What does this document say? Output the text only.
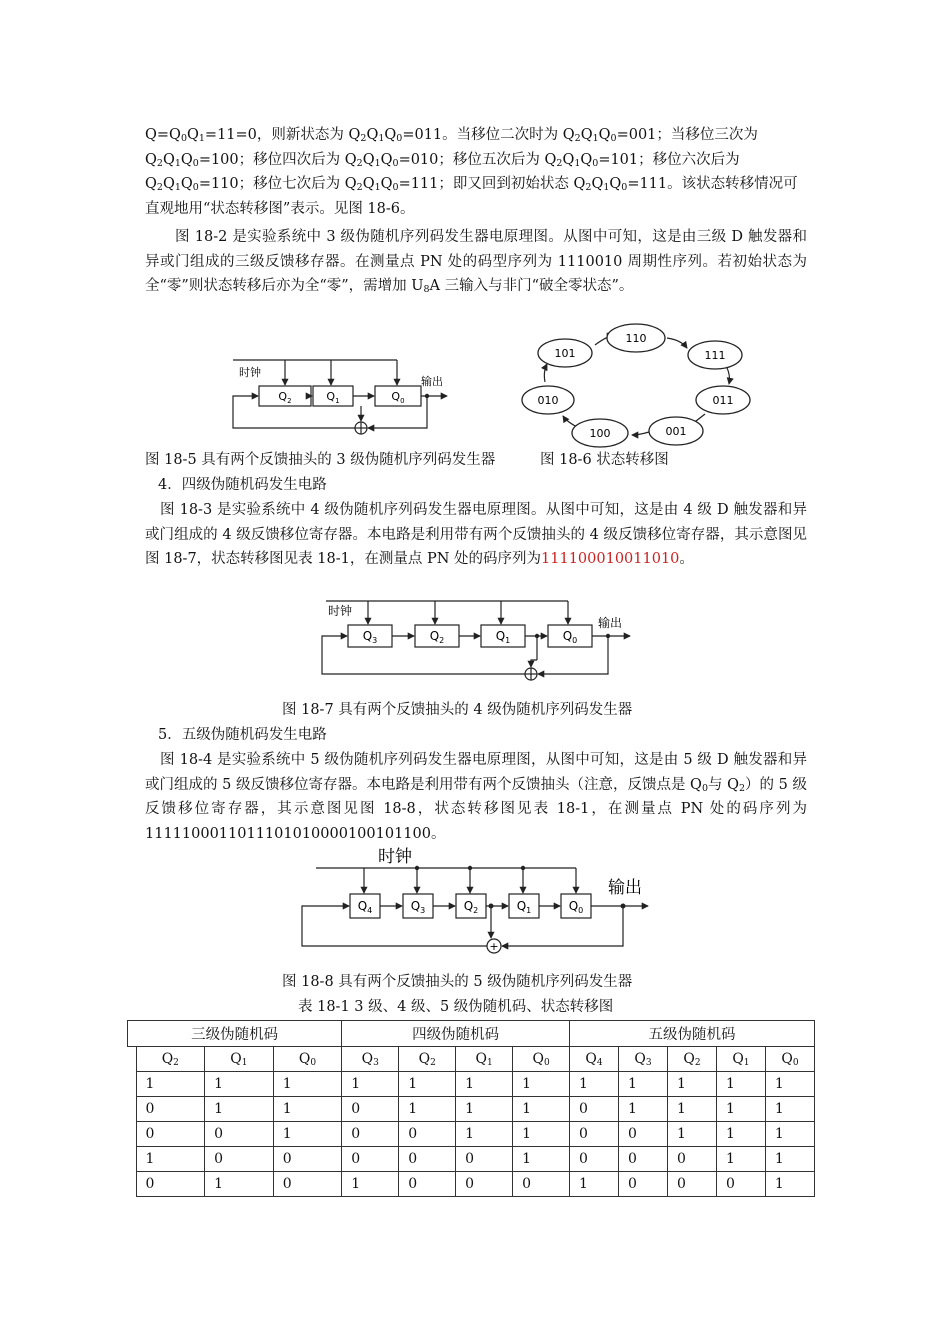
$Q=Q_0Q_1=11=0$，则新状态为 $Q_2Q_1Q_0=011$。当移位二次时为 $Q_2Q_1Q_0=001$；当移位三次为
$Q_2Q_1Q_0=100$；移位四次后为 $Q_2Q_1Q_0=010$；移位五次后为 $Q_2Q_1Q_0=101$；移位六次后为
$Q_2Q_1Q_0=110$；移位七次后为 $Q_2Q_1Q_0=111$；即又回到初始状态 $Q_2Q_1Q_0=111$。该状态转移情况可
直观地用“状态转移图”表示。见图 18-6。
图 18-2 是实验系统中 3 级伪随机序列码发生器电原理图。从图中可知，这是由三级 D 触发器和异或门组成的三级反馈移存器。在测量点 PN 处的码型序列为 1110010 周期性序列。若初始状态为全“零”则状态转移后亦为全“零”，需增加 $U_8A$ 三输入与非门“破全零状态”。
时钟
$Q_2$	$Q_1$	$Q_0$
输出
110
111
011
001
100
010
101
图 18-5 具有两个反馈抽头的 3 级伪随机序列码发生器	图 18-6 状态转移图
4．四级伪随机码发生电路
图 18-3 是实验系统中 4 级伪随机序列码发生器电原理图。从图中可知，这是由 4 级 D 触发器和异或门组成的 4 级反馈移位寄存器。本电路是利用带有两个反馈抽头的 4 级反馈移位寄存器，其示意图见图 18-7，状态转移图见表 18-1，在测量点 PN 处的码序列为111100010011010。
时钟
$Q_3$	$Q_2$	$Q_1$	$Q_0$
输出
图 18-7 具有两个反馈抽头的 4 级伪随机序列码发生器
5．五级伪随机码发生电路
图 18-4 是实验系统中 5 级伪随机序列码发生器电原理图，从图中可知，这是由 5 级 D 触发器和异或门组成的 5 级反馈移位寄存器。本电路是利用带有两个反馈抽头（注意，反馈点是 $Q_0$与 $Q_2$）的 5 级反馈移位寄存器，其示意图见图 18-8，状态转移图见表 18-1，在测量点 PN 处的码序列为 1111100011011101010000100101100。
时钟
$Q_4$	$Q_3$	$Q_2$	$Q_1$	$Q_0$
输出
+
图 18-8 具有两个反馈抽头的 5 级伪随机序列码发生器
表 18-1 3 级、4 级、5 级伪随机码、状态转移图
三级伪随机码				四级伪随机码				五级伪随机码				
	$Q_2$	$Q_1$	$Q_0$	$Q_3$	$Q_2$	$Q_1$	$Q_0$	$Q_4$	$Q_3$	$Q_2$	$Q_1$	$Q_0$
	1	1	1	1	1	1	1	1	1	1	1	1
	0	1	1	0	1	1	1	0	1	1	1	1
	0	0	1	0	0	1	1	0	0	1	1	1
	1	0	0	0	0	0	1	0	0	0	1	1
	0	1	0	1	0	0	0	1	0	0	0	1
